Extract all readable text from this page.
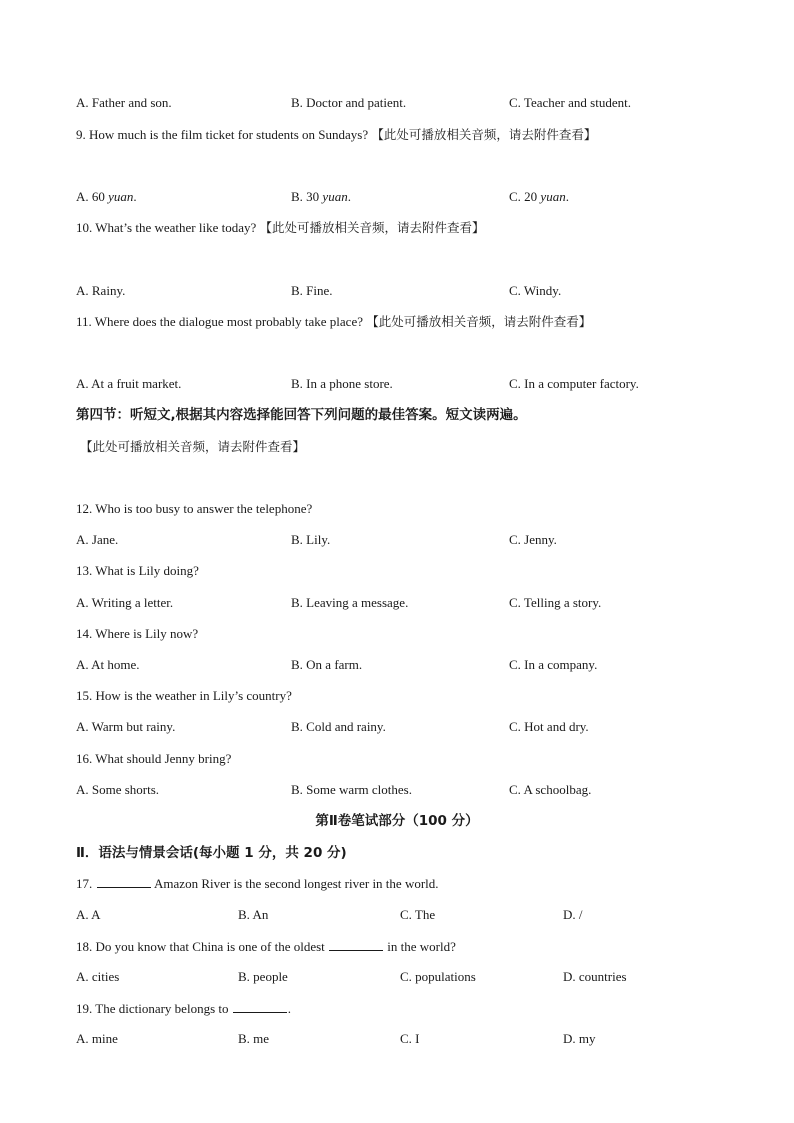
A. Father and son.	B. Doctor and patient.	C. Teacher and student.
9. How much is the film ticket for students on Sundays? 【此处可播放相关音频，请去附件查看】
A. 60 yuan.	B. 30 yuan.	C. 20 yuan.
10. What’s the weather like today? 【此处可播放相关音频，请去附件查看】
A. Rainy.	B. Fine.	C. Windy.
11. Where does the dialogue most probably take place? 【此处可播放相关音频，请去附件查看】
A. At a fruit market.	B. In a phone store.	C. In a computer factory.
第四节：听短文,根据其内容选择能回答下列问题的最佳答案。短文读两遍。
【此处可播放相关音频，请去附件查看】
12. Who is too busy to answer the telephone?
A. Jane.	B. Lily.	C. Jenny.
13. What is Lily doing?
A. Writing a letter.	B. Leaving a message.	C. Telling a story.
14. Where is Lily now?
A. At home.	B. On a farm.	C. In a company.
15. How is the weather in Lily’s country?
A. Warm but rainy.	B. Cold and rainy.	C. Hot and dry.
16. What should Jenny bring?
A. Some shorts.	B. Some warm clothes.	C. A schoolbag.
第Ⅱ卷笔试部分（100 分）
Ⅱ．语法与情景会话(每小题 1 分，共 20 分)
17.	Amazon River is the second longest river in the world.
A. A	B. An	C. The	D. /
18. Do you know that China is one of the oldest	in the world?
A. cities	B. people	C. populations	D. countries
19. The dictionary belongs to	.
A. mine	B. me	C. I	D. my
